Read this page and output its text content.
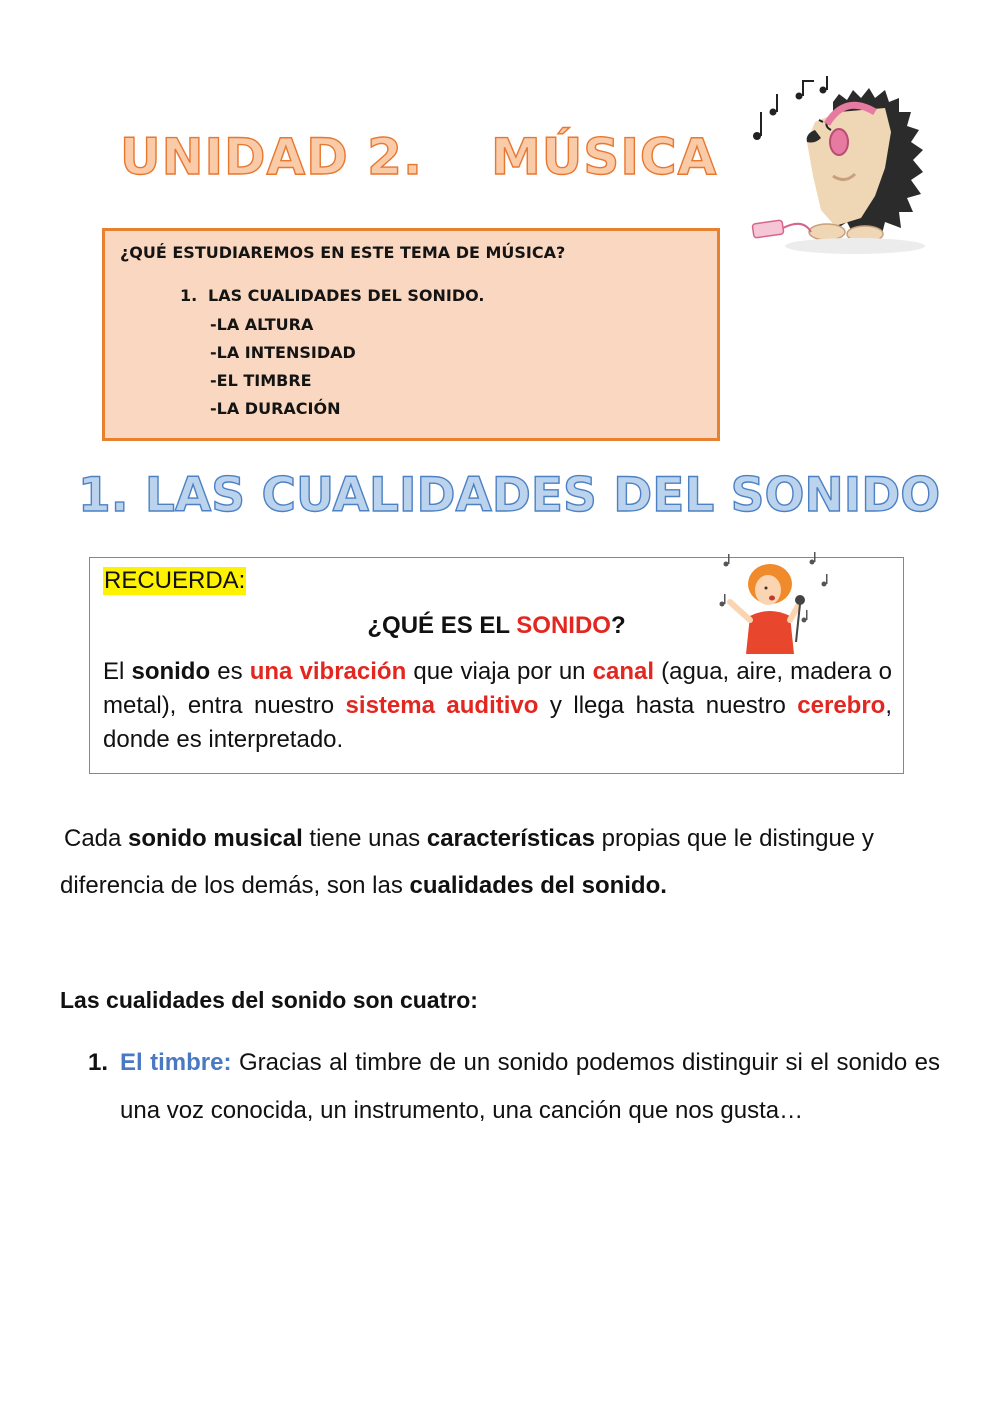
UNIDAD 2. MÚSICA
¿QUÉ ESTUDIAREMOS EN ESTE TEMA DE MÚSICA?
1. LAS CUALIDADES DEL SONIDO.
-LA ALTURA
-LA INTENSIDAD
-EL TIMBRE
-LA DURACIÓN
1. LAS CUALIDADES DEL SONIDO
RECUERDA:
¿QUÉ ES EL SONIDO?

El sonido es una vibración que viaja por un canal (agua, aire, madera o metal), entra nuestro sistema auditivo y llega hasta nuestro cerebro, donde es interpretado.

Cada sonido musical tiene unas características propias que le distingue y diferencia de los demás, son las cualidades del sonido.

Las cualidades del sonido son cuatro:
1. El timbre: Gracias al timbre de un sonido podemos distinguir si el sonido es una voz conocida, un instrumento, una canción que nos gusta…
